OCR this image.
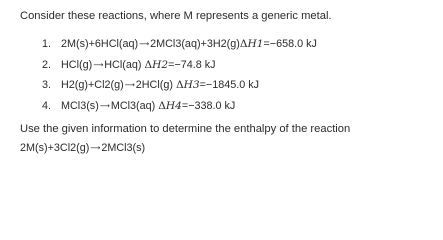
Consider these reactions, where M represents a generic metal.
1. 2M(s)+6HCl(aq)⟶2MCl3(aq)+3H2(g)ΔH1=−658.0 kJ
2. HCl(g)⟶HCl(aq) ΔH2=−74.8 kJ
3. H2(g)+Cl2(g)⟶2HCl(g) ΔH3=−1845.0 kJ
4. MCl3(s)⟶MCl3(aq) ΔH4=−338.0 kJ
Use the given information to determine the enthalpy of the reaction
2M(s)+3Cl2(g)⟶2MCl3(s)
